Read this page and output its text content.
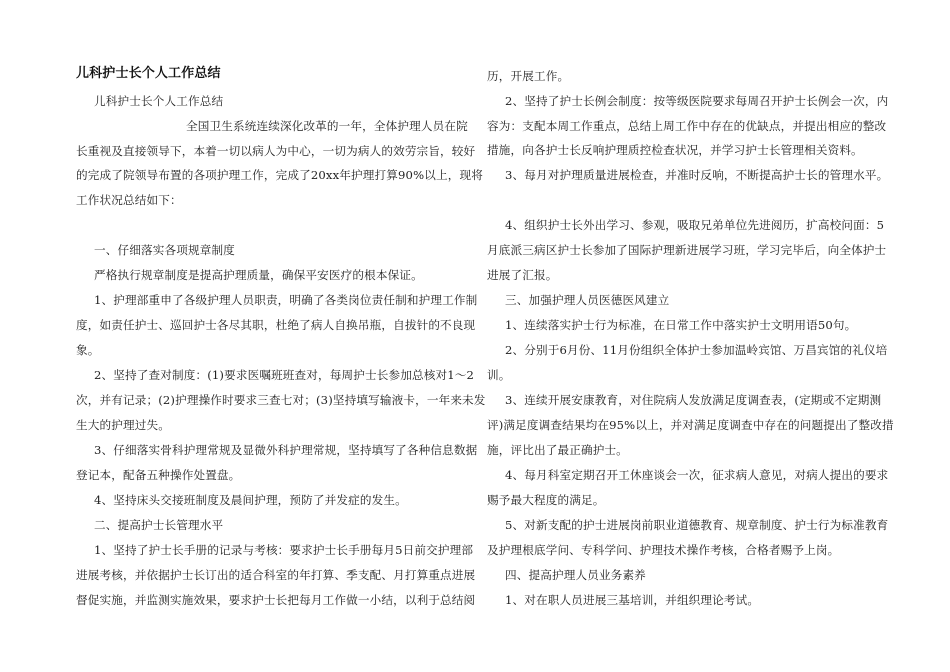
儿科护士长个人工作总结
儿科护士长个人工作总结
全国卫生系统连续深化改革的一年，全体护理人员在院
长重视及直接领导下，本着一切以病人为中心，一切为病人的效劳宗旨，较好
的完成了院领导布置的各项护理工作，完成了20xx年护理打算90%以上，现将
工作状况总结如下：
一、仔细落实各项规章制度
严格执行规章制度是提高护理质量，确保平安医疗的根本保证。
1、护理部重申了各级护理人员职责，明确了各类岗位责任制和护理工作制
度，如责任护士、巡回护士各尽其职，杜绝了病人自换吊瓶，自拔针的不良现
象。
2、坚持了查对制度：(1)要求医嘱班班查对，每周护士长参加总核对1～2
次，并有记录；(2)护理操作时要求三查七对；(3)坚持填写输液卡，一年来未发
生大的护理过失。
3、仔细落实骨科护理常规及显微外科护理常规，坚持填写了各种信息数据
登记本，配备五种操作处置盘。
4、坚持床头交接班制度及晨间护理，预防了并发症的发生。
二、提高护士长管理水平
1、坚持了护士长手册的记录与考核：要求护士长手册每月5日前交护理部
进展考核，并依据护士长订出的适合科室的年打算、季支配、月打算重点进展
督促实施，并监测实施效果，要求护士长把每月工作做一小结，以利于总结阅
历，开展工作。
2、坚持了护士长例会制度：按等级医院要求每周召开护士长例会一次，内
容为：支配本周工作重点，总结上周工作中存在的优缺点，并提出相应的整改
措施，向各护士长反响护理质控检查状况，并学习护士长管理相关资料。
3、每月对护理质量进展检查，并准时反响，不断提高护士长的管理水平。
4、组织护士长外出学习、参观，吸取兄弟单位先进阅历，扩高校问面：5
月底派三病区护士长参加了国际护理新进展学习班，学习完毕后，向全体护士
进展了汇报。
三、加强护理人员医德医风建立
1、连续落实护士行为标准，在日常工作中落实护士文明用语50句。
2、分别于6月份、11月份组织全体护士参加温岭宾馆、万昌宾馆的礼仪培
训。
3、连续开展安康教育，对住院病人发放满足度调查表，(定期或不定期测
评)满足度调查结果均在95%以上，并对满足度调查中存在的问题提出了整改措
施，评比出了最正确护士。
4、每月科室定期召开工休座谈会一次，征求病人意见，对病人提出的要求
赐予最大程度的满足。
5、对新支配的护士进展岗前职业道德教育、规章制度、护士行为标准教育
及护理根底学问、专科学问、护理技术操作考核，合格者赐予上岗。
四、提高护理人员业务素养
1、对在职人员进展三基培训，并组织理论考试。
